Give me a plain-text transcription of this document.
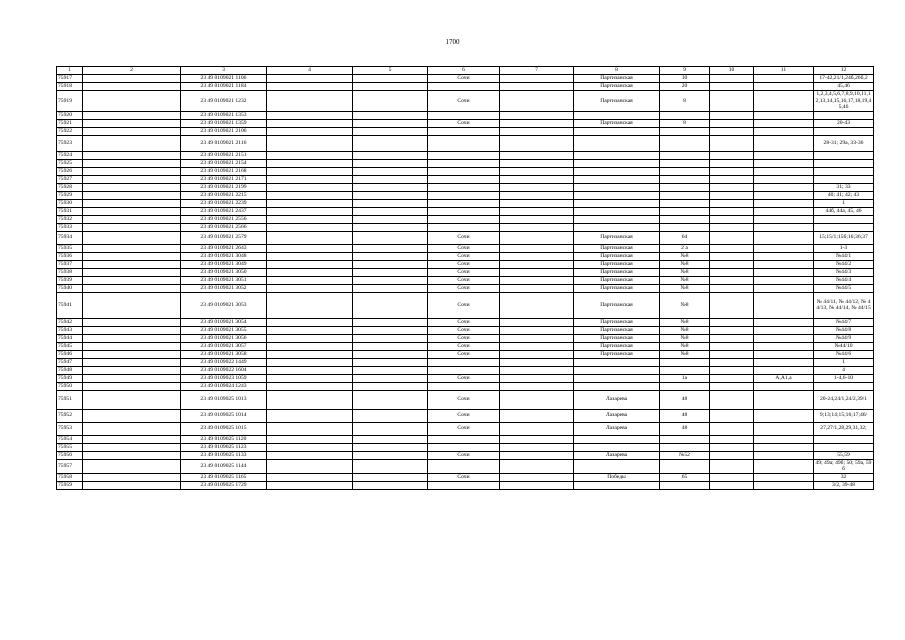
1700
1	2	3	4	5	6	7	8	9	10	11	12
75917		23 49 0109021 1106			Сочи		Партизанская	10			17-42,21/1,24б,26б,2
75918		23 49 0109021 1184					Партизанская	20			45,46
75919		23 49 0109021 1232			Сочи		Партизанская	8			1,2,3,4,5,6,7,8,9,10,11,12,13,14,15,16,17,18,19,45,46
75920		23 49 0109021 1353									
75921		23 49 0109021 1359			Сочи		Партизанская	8			20-43
75922		23 49 0109021 2106									
75923		23 49 0109021 2116									28-31; 29а, 33-36
75924		23 49 0109021 2151									
75925		23 49 0109021 2154									
75926		23 49 0109021 2168									
75927		23 49 0109021 2171									
75928		23 49 0109021 2199									31; 33
75929		23 49 0109021 2215									40; 41; 42; 43
75930		23 49 0109021 2239									1
75931		23 49 0109021 2437									44б, 44а, 45, 46
75932		23 49 0109021 2556									
75933		23 49 0109021 2566									
75934		23 49 0109021 2579			Сочи		Партизанская	64			15;15/1;15б;16;36;37
75935		23 49 0109021 2643			Сочи		Партизанская	2 а			1-3
75936		23 49 0109021 3048			Сочи		Партизанская	№8			№44/1
75937		23 49 0109021 3049			Сочи		Партизанская	№8			№44/2
75938		23 49 0109021 3050			Сочи		Партизанская	№8			№44/3
75939		23 49 0109021 3051			Сочи		Партизанская	№8			№44/4
75940		23 49 0109021 3052			Сочи		Партизанская	№8			№44/5
75941		23 49 0109021 3053			Сочи		Партизанская	№8			№ 44/11, № 44/12, № 44/13, № 44/14, № 44/15
75942		23 49 0109021 3054			Сочи		Партизанская	№8			№44/7
75943		23 49 0109021 3055			Сочи		Партизанская	№8			№44/8
75944		23 49 0109021 3056			Сочи		Партизанская	№8			№44/9
75945		23 49 0109021 3057			Сочи		Партизанская	№8			№44/10
75946		23 49 0109021 3058			Сочи		Партизанская	№8			№44/6
75947		23 49 0109022 1449									1
75948		23 49 0109022 1604									4
75949		23 49 0109023 1059			Сочи			1а		А,А1,а	1-4,6-10
75950		23 49 0109024 1243									
75951		23 49 0109025 1013			Сочи		Лазарева	48			20-24,24/1,24/2,39/1
75952		23 49 0109025 1014			Сочи		Лазарева	48			9;13;14;15;16;17;46/
75953		23 49 0109025 1015			Сочи		Лазарева	48			27,27/1,28,29,31,32;
75954		23 49 0109025 1120									
75955		23 49 0109025 1123									
75956		23 49 0109025 1133			Сочи		Лазарева	№52			55,59
75957		23 49 0109025 1144									49; 49а; 49б; 50; 59а, 59б
75958		23 49 0109025 1165			Сочи		Победы	65			32
75959		23 49 0109025 1729									3/2, 39-48
